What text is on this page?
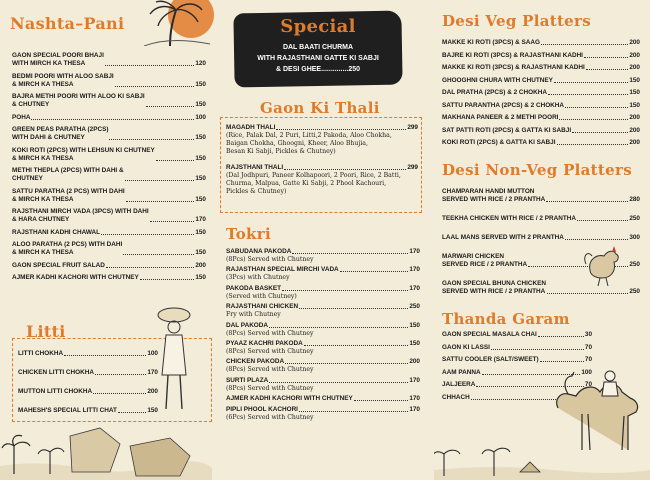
Nashta–Pani
GAON SPECIAL POORI BHAJI
WITH MIRCH KA THESA	120
BEDMI POORI WITH ALOO SABJI
& MIRCH KA THESA	150
BAJRA METHI POORI WITH ALOO KI SABJI
& CHUTNEY	150
POHA	100
GREEN PEAS PARATHA (2PCS)
WITH DAHI & CHUTNEY	150
KOKI ROTI (2PCS) WITH LEHSUN KI CHUTNEY
& MIRCH KA THESA	150
METHI THEPLA (2PCS) WITH DAHI &
CHUTNEY	150
SATTU PARATHA (2 PCS) WITH DAHI
& MIRCH KA THESA	150
RAJSTHANI MIRCH VADA (3PCS) WITH DAHI
& HARA CHUTNEY	170
RAJSTHANI KADHI CHAWAL	150
ALOO PARATHA (2 PCS) WITH DAHI
& MIRCH KA THESA	150
GAON SPECIAL FRUIT SALAD	200
AJMER KADHI KACHORI WITH CHUTNEY	150
Litti
LITTI CHOKHA	100
CHICKEN LITTI CHOKHA	170
MUTTON LITTI CHOKHA	200
MAHESH'S SPECIAL LITTI CHAT	150
Special
DAL BAATI CHURMA
WITH RAJASTHANI GATTE KI SABJI
& DESI GHEE..............250
Gaon Ki Thali
MAGADH THALI	299
(Rice, Palak Dal, 2 Puri, Litti,2 Pakoda, Aloo Chokha,
Baigan Chokha, Ghoogni, Kheer, Aloo Bhujia,
Besan Ki Sabji, Pickles & Chutney)
RAJSTHANI THALI	299
(Dal Jodhpuri, Paneer Kolhapoori, 2 Poori, Rice, 2 Batti,
Churma, Malpua, Gatte Ki Sabji, 2 Phool Kachouri,
Pickles & Chutney)
Tokri
SABUDANA PAKODA	170
(8Pcs) Served with Chutney
RAJASTHAN SPECIAL MIRCHI VADA	170
(3Pcs) with Chutney
PAKODA BASKET	170
(Served with Chutney)
RAJASTHANI CHICKEN	250
Fry with Chutney
DAL PAKODA	150
(8Pcs) Served with Chutney
PYAAZ KACHRI PAKODA	150
(8Pcs) Served with Chutney
CHICKEN PAKODA	200
(8Pcs) Served with Chutney
SURTI PLAZA	170
(8Pcs) Served with Chutney
AJMER KADHI KACHORI WITH CHUTNEY	170
PIPLI PHOOL KACHORI	170
(6Pcs) Served with Chutney
Desi Veg Platters
MAKKE KI ROTI (3PCS) & SAAG	200
BAJRE KI ROTI (3PCS) & RAJASTHANI KADHI	200
MAKKE KI ROTI (3PCS) & RAJASTHANI KADHI	200
GHOOGHNI CHURA WITH CHUTNEY	150
DAL PRATHA (2PCS) & 2 CHOKHA	150
SATTU PARANTHA (2PCS) & 2 CHOKHA	150
MAKHANA PANEER & 2 METHI POORI	200
SAT PATTI ROTI (2PCS) & GATTA KI SABJI	200
KOKI ROTI (2PCS) & GATTA KI SABJI	200
Desi Non-Veg Platters
CHAMPARAN HANDI MUTTON
SERVED WITH RICE / 2 PRANTHA	280
TEEKHA CHICKEN WITH RICE / 2 PRANTHA	250
LAAL MANS SERVED WITH 2 PRANTHA	300
MARWARI CHICKEN
SERVED RICE / 2 PRANTHA	250
GAON SPECIAL BHUNA CHICKEN
SERVED WITH RICE / 2 PRANTHA	250
Thanda Garam
GAON SPECIAL MASALA CHAI	30
GAON KI LASSI	70
SATTU COOLER (SALT/SWEET)	70
AAM PANNA	100
JALJEERA	70
CHHACH
